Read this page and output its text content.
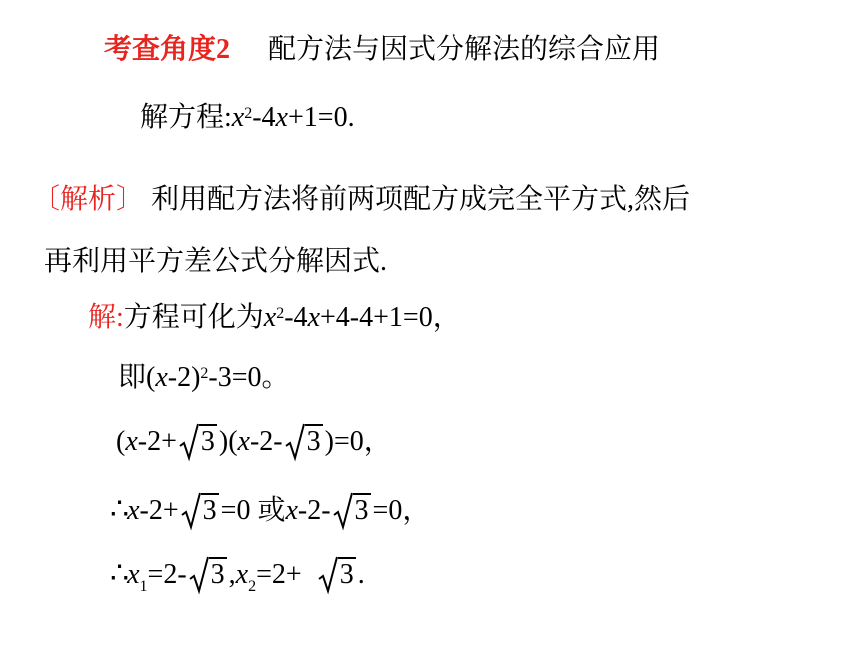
考查角度2 配方法与因式分解法的综合应用
解方程$:x^2-4x+1=0$.
〔解析〕 利用配方法将前两项配方成完全平方式,然后
再利用平方差公式分解因式.
解:方程可化为$x^2-4x+4-4+1=0$，
即$(x-2)^2-3=0$。
(x-2+ 3 )(x-2- 3 )=0，
∴x-2+ 3 =0 或x-2- 3 =0，
$\therefore x_1=2-$ 3 $,x_2=2+ 3$ .
